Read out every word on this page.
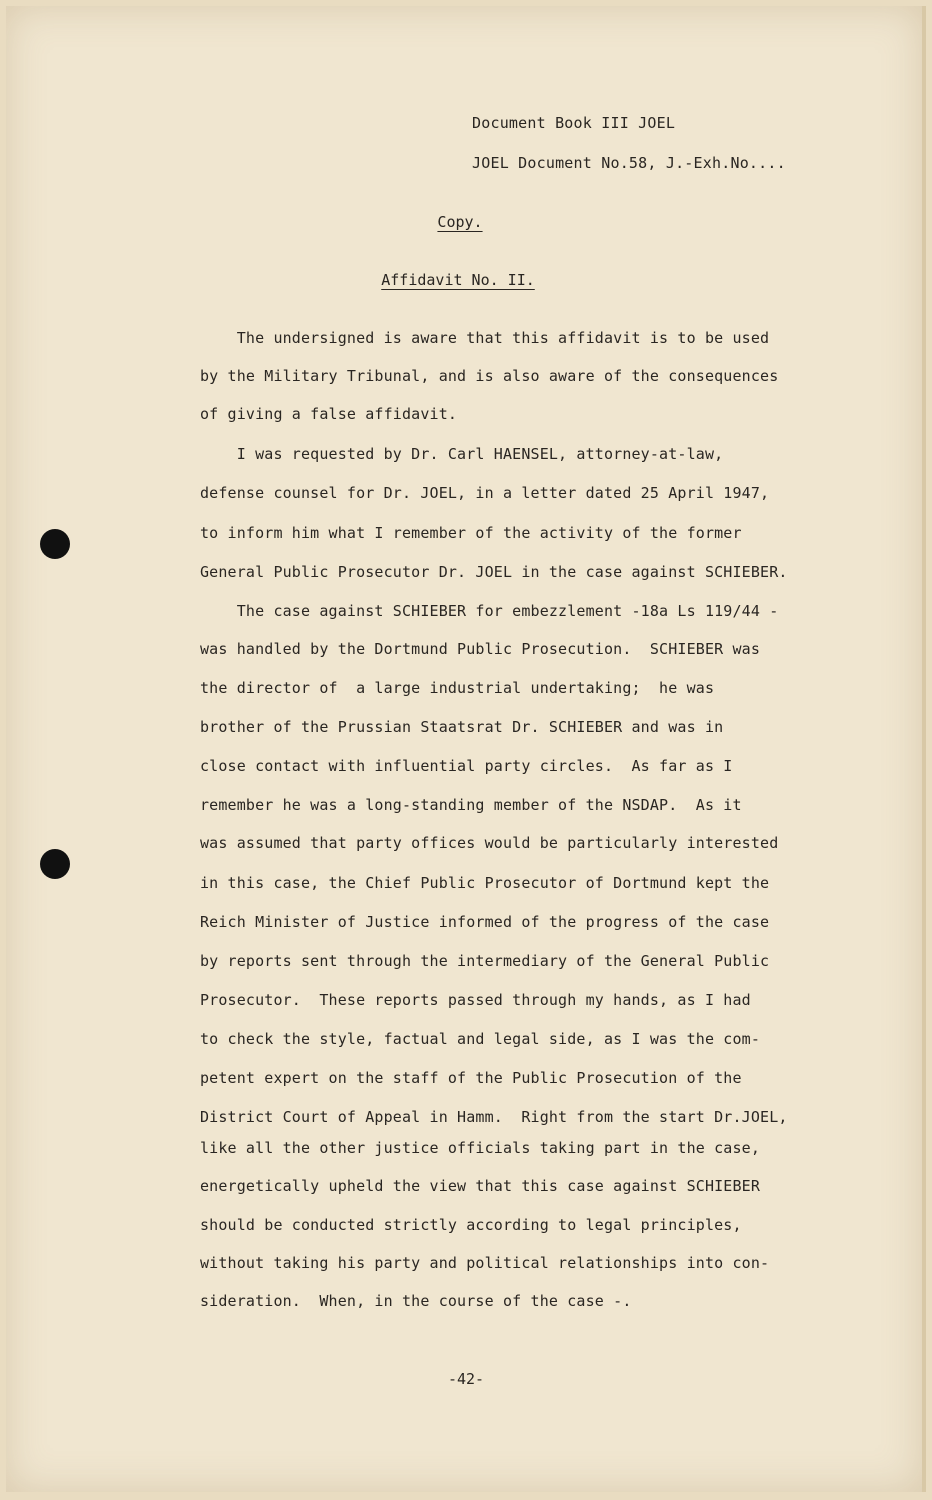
Document Book III JOEL
JOEL Document No.58, J.-Exh.No....
Copy.
Affidavit No. II.
The undersigned is aware that this affidavit is to be used
by the Military Tribunal, and is also aware of the consequences
of giving a false affidavit.
I was requested by Dr. Carl HAENSEL, attorney-at-law,
defense counsel for Dr. JOEL, in a letter dated 25 April 1947,
to inform him what I remember of the activity of the former
General Public Prosecutor Dr. JOEL in the case against SCHIEBER.
The case against SCHIEBER for embezzlement -18a Ls 119/44 -
was handled by the Dortmund Public Prosecution.  SCHIEBER was
the director of  a large industrial undertaking;  he was
brother of the Prussian Staatsrat Dr. SCHIEBER and was in
close contact with influential party circles.  As far as I
remember he was a long-standing member of the NSDAP.  As it
was assumed that party offices would be particularly interested
in this case, the Chief Public Prosecutor of Dortmund kept the
Reich Minister of Justice informed of the progress of the case
by reports sent through the intermediary of the General Public
Prosecutor.  These reports passed through my hands, as I had
to check the style, factual and legal side, as I was the com-
petent expert on the staff of the Public Prosecution of the
District Court of Appeal in Hamm.  Right from the start Dr.JOEL,
like all the other justice officials taking part in the case,
energetically upheld the view that this case against SCHIEBER
should be conducted strictly according to legal principles,
without taking his party and political relationships into con-
sideration.  When, in the course of the case -.
-42-
